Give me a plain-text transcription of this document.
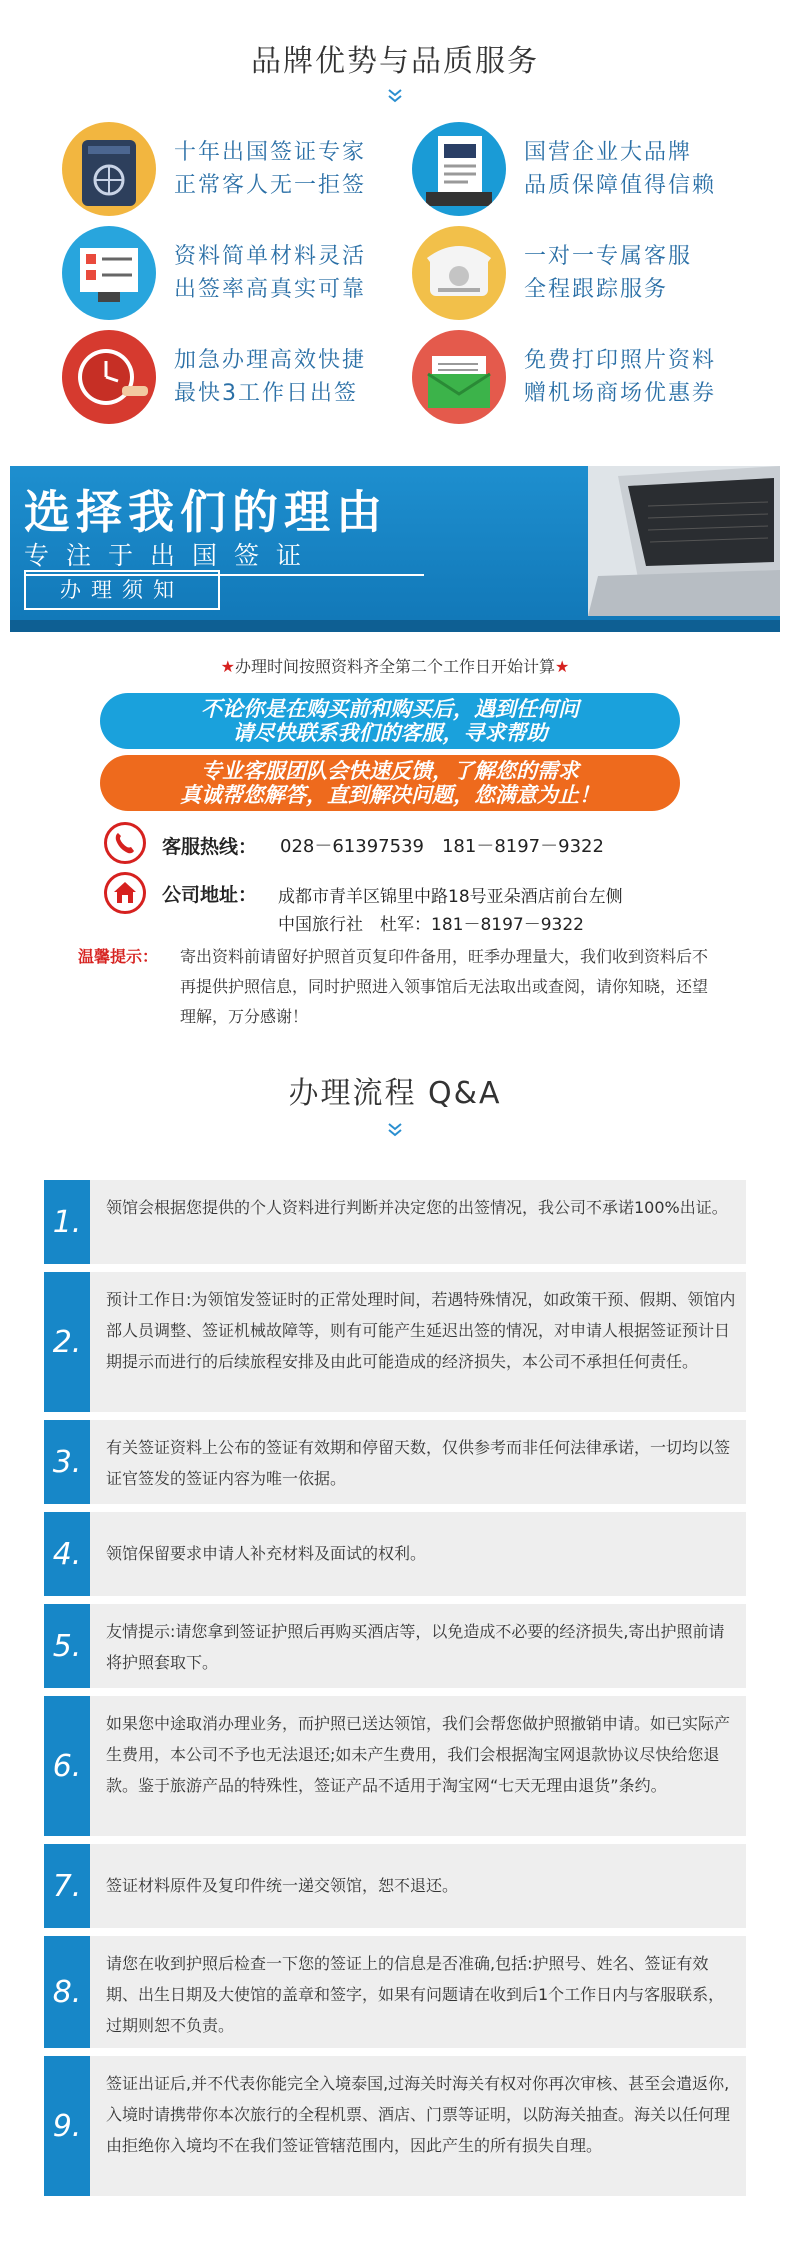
品牌优势与品质服务
十年出国签证专家
正常客人无一拒签
国营企业大品牌
品质保障值得信赖
资料简单材料灵活
出签率高真实可靠
一对一专属客服
全程跟踪服务
加急办理高效快捷
最快3工作日出签
免费打印照片资料
赠机场商场优惠券
选择我们的理由
专注于出国签证
办理须知
★办理时间按照资料齐全第二个工作日开始计算★
不论你是在购买前和购买后，遇到任何问
请尽快联系我们的客服，寻求帮助
专业客服团队会快速反馈，了解您的需求
真诚帮您解答，直到解决问题，您满意为止！
客服热线： 028－61397539　181－8197－9322
公司地址： 成都市青羊区锦里中路18号亚朵酒店前台左侧
中国旅行社　杜军：181－8197－9322
温馨提示： 寄出资料前请留好护照首页复印件备用，旺季办理量大，我们收到资料后不再提供护照信息，同时护照进入领事馆后无法取出或查阅，请你知晓，还望理解，万分感谢！
办理流程 Q&A
1.	领馆会根据您提供的个人资料进行判断并决定您的出签情况，我公司不承诺100%出证。
2.
预计工作日:为领馆发签证时的正常处理时间，若遇特殊情况，如政策干预、假期、领馆内部人员调整、签证机械故障等，则有可能产生延迟出签的情况，对申请人根据签证预计日期提示而进行的后续旅程安排及由此可能造成的经济损失，本公司不承担任何责任。
3.	有关签证资料上公布的签证有效期和停留天数，仅供参考而非任何法律承诺，一切均以签证官签发的签证内容为唯一依据。
4.	领馆保留要求申请人补充材料及面试的权利。
5.	友情提示:请您拿到签证护照后再购买酒店等，以免造成不必要的经济损失,寄出护照前请将护照套取下。
6.
如果您中途取消办理业务，而护照已送达领馆，我们会帮您做护照撤销申请。如已实际产生费用，本公司不予也无法退还;如未产生费用，我们会根据淘宝网退款协议尽快给您退款。鉴于旅游产品的特殊性，签证产品不适用于淘宝网“七天无理由退货”条约。
7.	签证材料原件及复印件统一递交领馆，恕不退还。
8.
请您在收到护照后检查一下您的签证上的信息是否准确,包括:护照号、姓名、签证有效期、出生日期及大使馆的盖章和签字，如果有问题请在收到后1个工作日内与客服联系，过期则恕不负责。
9.
签证出证后,并不代表你能完全入境泰国,过海关时海关有权对你再次审核、甚至会遣返你,入境时请携带你本次旅行的全程机票、酒店、门票等证明，以防海关抽查。海关以任何理由拒绝你入境均不在我们签证管辖范围内，因此产生的所有损失自理。
